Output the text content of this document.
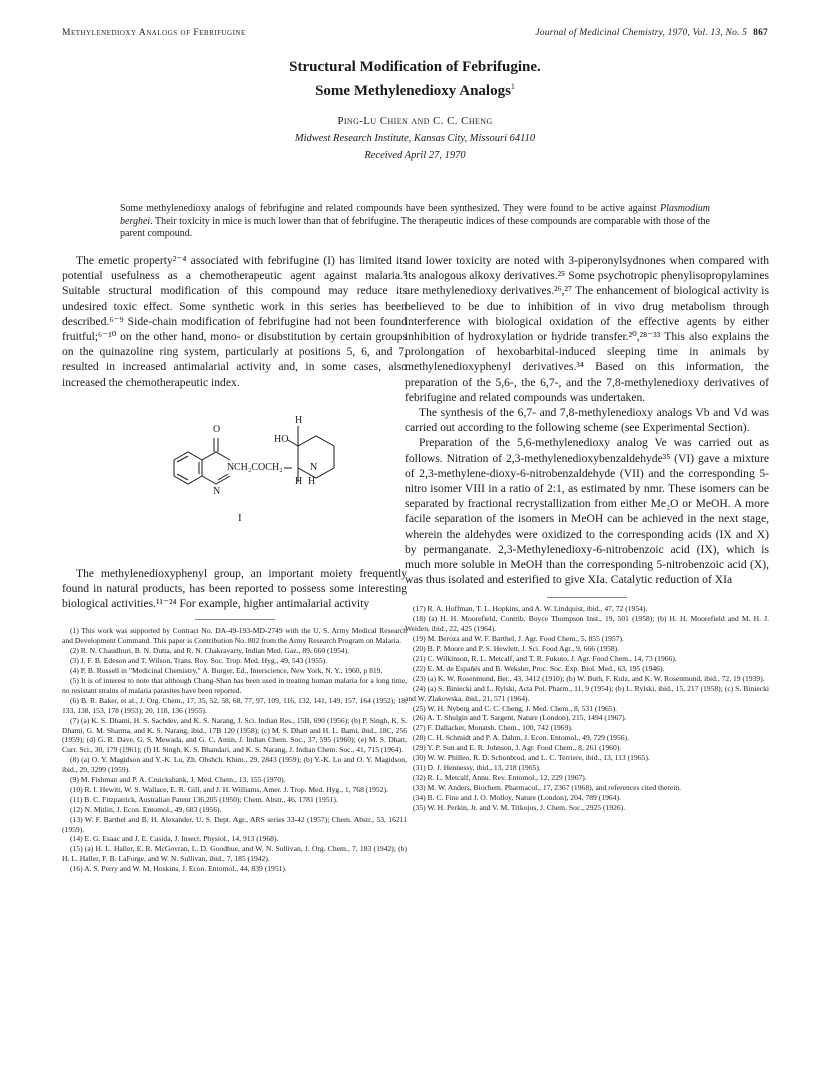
Methylenedioxy Analogs of Febrifugine	Journal of Medicinal Chemistry, 1970, Vol. 13, No. 5 867
Structural Modification of Febrifugine.
Some Methylenedioxy Analogs$^1$
Ping-Lu Chien and C. C. Cheng
Midwest Research Institute, Kansas City, Missouri 64110
Received April 27, 1970
Some methylenedioxy analogs of febrifugine and related compounds have been synthesized. They were found to be active against Plasmodium berghei. Their toxicity in mice is much lower than that of febrifugine. The therapeutic indices of these compounds are comparable with those of the parent compound.

The emetic property²⁻⁴ associated with febrifugine (I) has limited its potential usefulness as a chemotherapeutic agent against malaria.⁵ Suitable structural modification of this compound may reduce its undesired toxic effect. Some synthetic work in this series has been described.⁶⁻⁹ Side-chain modification of febrifugine had not been found fruitful;⁶⁻¹⁰ on the other hand, mono- or disubstitution by certain groups on the quinazoline ring system, particularly at positions 5, 6, and 7, resulted in increased antimalarial activity and, in some cases, also increased the chemotherapeutic index.

O
N
N
CH₂COCH₂
HO
H
H H
N
I

The methylenedioxyphenyl group, an important moiety frequently found in natural products, has been reported to possess some interesting biological activities.¹¹⁻²⁴ For example, higher antimalarial activity

(1) This work was supported by Contract No. DA-49-193-MD-2749 with the U. S. Army Medical Research and Development Command. This paper is Contribution No. 802 from the Army Research Program on Malaria.

(2) R. N. Chaudhuri, B. N. Dutta, and R. N. Chakravarty, Indian Med. Gaz., 89, 660 (1954).

(3) J. F. B. Edeson and T. Wilson, Trans. Roy. Soc. Trop. Med. Hyg., 49, 543 (1955).

(4) P. B. Russell in "Medicinal Chemistry," A. Burger, Ed., Interscience, New York, N. Y., 1960, p 819.

(5) It is of interest to note that although Chang-Shan has been used in treating human malaria for a long time, no resistant strains of malaria parasites have been reported.

(6) B. R. Baker, et al., J. Org. Chem., 17, 35, 52, 58, 68, 77, 97, 109, 116, 132, 141, 149, 157, 164 (1952); 18, 133, 138, 153, 178 (1953); 20, 118, 136 (1955).

(7) (a) K. S. Dhami, H. S. Sachdev, and K. S. Narang, J. Sci. Indian Res., 15B, 690 (1956); (b) P. Singh, K. S. Dhami, G. M. Sharma, and K. S. Narang, ibid., 17B 120 (1958); (c) M. S. Dhatt and H. L. Bami, ibid., 18C, 256 (1959); (d) G. R. Dave, G. S. Mewada, and G. C. Amin, J. Indian Chem. Soc., 37, 595 (1960); (e) M. S. Dhatt, Curr. Sci., 30, 179 (1961); (f) H. Singh, K. S. Bhandari, and K. S. Narang, J. Indian Chem. Soc., 41, 715 (1964).

(8) (a) O. Y. Magidson and Y.-K. Lu, Zh. Obshch. Khim., 29, 2843 (1959); (b) Y.-K. Lu and O. Y. Magidson, ibid., 29, 3299 (1959).

(9) M. Fishman and P. A. Cruickshank, J. Med. Chem., 13, 155 (1970).

(10) R. I. Hewitt, W. S. Wallace, E. R. Gill, and J. H. Williams, Amer. J. Trop. Med. Hyg., 1, 768 (1952).

(11) B. C. Fitzpatrick, Australian Patent 136,205 (1950); Chem. Abstr., 46, 1781 (1951).

(12) N. Mitlin, J. Econ. Entomol., 49, 683 (1956).

(13) W. F. Barthel and B. H. Alexander, U. S. Dept. Agr., ARS series 33-42 (1957); Chem. Abstr., 53, 16211 (1959).

(14) E. G. Esaac and J. E. Casida, J. Insect. Physiol., 14, 913 (1968).

(15) (a) H. L. Haller, E. R. McGovran, L. D. Goodhue, and W. N. Sullivan, J. Org. Chem., 7, 183 (1942); (b) H. L. Haller, F. B. LaForge, and W. N. Sullivan, ibid., 7, 185 (1942).

(16) A. S. Perry and W. M. Hoskins, J. Econ. Entomol., 44, 839 (1951).

and lower toxicity are noted with 3-piperonylsydnones when compared with its analogous alkoxy derivatives.²⁵ Some psychotropic phenylisopropylamines are methylenedioxy derivatives.²⁶,²⁷ The enhancement of biological activity is believed to be due to inhibition of in vivo drug metabolism through interference with biological oxidation of the effective agents by either inhibition of hydroxylation or hydride transfer.²⁰,²⁸⁻³³ This also explains the prolongation of hexobarbital-induced sleeping time in animals by methylenedioxyphenyl derivatives.³⁴ Based on this information, the preparation of the 5,6-, the 6,7-, and the 7,8-methylenedioxy derivatives of febrifugine and related compounds was undertaken.

The synthesis of the 6,7- and 7,8-methylenedioxy analogs Vb and Vd was carried out according to the following scheme (see Experimental Section).

Preparation of the 5,6-methylenedioxy analog Ve was carried out as follows. Nitration of 2,3-methylenedioxybenzaldehyde³⁵ (VI) gave a mixture of 2,3-methylene-dioxy-6-nitrobenzaldehyde (VII) and the corresponding 5-nitro isomer VIII in a ratio of 2:1, as estimated by nmr. These isomers can be separated by fractional recrystallization from either Me₂O or MeOH. A more facile separation of the isomers in MeOH can be achieved in the next stage, wherein the aldehydes were oxidized to the corresponding acids (IX and X) by permanganate. 2,3-Methylenedioxy-6-nitrobenzoic acid (IX), which is much more soluble in MeOH than the corresponding 5-nitrobenzoic acid (X), was thus isolated and esterified to give XIa. Catalytic reduction of XIa

(17) R. A. Hoffman, T. L. Hopkins, and A. W. Lindquist, ibid., 47, 72 (1954).

(18) (a) H. H. Moorefield, Contrib. Boyce Thompson Inst., 19, 501 (1958); (b) H. H. Moorefield and M. H. J. Weiden, ibid., 22, 425 (1964).

(19) M. Beroza and W. F. Barthel, J. Agr. Food Chem., 5, 855 (1957).

(20) B. P. Moore and P. S. Hewlett, J. Sci. Food Agr., 9, 666 (1958).

(21) C. Wilkinson, R. L. Metcalf, and T. R. Fukuto, J. Agr. Food Chem., 14, 73 (1966).

(22) E. M. de Españés and B. Weksler, Proc. Soc. Exp. Biol. Med., 63, 195 (1946).

(23) (a) K. W. Rosenmund, Ber., 43, 3412 (1910); (b) W. Buth, F. Kulz, and K. W. Rosenmund, ibid., 72, 19 (1939).

(24) (a) S. Biniecki and L. Rylski, Acta Pol. Pharm., 11, 9 (1954); (b) L. Rylski, ibid., 15, 217 (1958); (c) S. Biniecki and W. Zlakowska, ibid., 21, 571 (1964).

(25) W. H. Nyberg and C. C. Cheng, J. Med. Chem., 8, 531 (1965).

(26) A. T. Shulgin and T. Sargent, Nature (London), 215, 1494 (1967).

(27) F. Dallacker, Monatsh. Chem., 100, 742 (1969).

(28) C. H. Schmidt and P. A. Dahm, J. Econ. Entomol., 49, 729 (1956).

(29) Y. P. Sun and E. R. Johnson, J. Agr. Food Chem., 8, 261 (1960).

(30) W. W. Philleo, R. D. Schonbrod, and L. C. Terriere, ibid., 13, 113 (1965).

(31) D. J. Hennessy, ibid., 13, 218 (1965).

(32) R. L. Metcalf, Annu. Rev. Entomol., 12, 229 (1967).

(33) M. W. Anders, Biochem. Pharmacol., 17, 2367 (1968), and references cited therein.

(34) B. C. Fine and J. O. Molloy, Nature (London), 204, 789 (1964).

(35) W. H. Perkin, Jr. and V. M. Trikojus, J. Chem. Soc., 2925 (1926).
